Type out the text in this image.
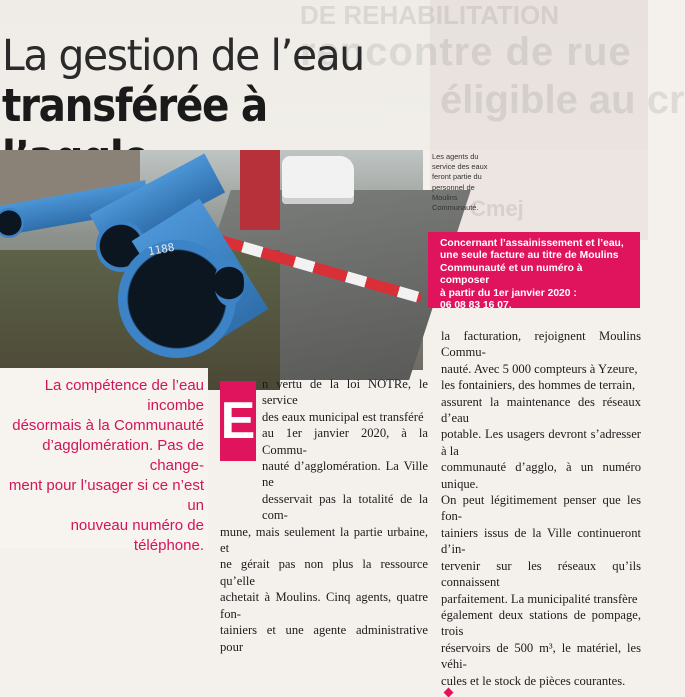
DE REHABILITATION
rencontre de rue
éligible au cr
Cmej
La gestion de l’eau
transférée à
1188
Les agents du
service des eaux
feront partie du
personnel de
Moulins
Communauté.
Concernant l’assainissement et l’eau,
une seule facture au titre de Moulins
Communauté et un numéro à composer
à partir du 1er janvier 2020 :
06 08 83 16 07.
La compétence de l’eau incombe
désormais à la Communauté
d’agglomération. Pas de change-
ment pour l’usager si ce n’est un
nouveau numéro de téléphone.
E
n vertu de la loi NOTRe, le service
des eaux municipal est transféré
au 1er janvier 2020, à la Commu-
nauté d’agglomération. La Ville ne
desservait pas la totalité de la com-
mune, mais seulement la partie urbaine, et
ne gérait pas non plus la ressource qu’elle
achetait à Moulins. Cinq agents, quatre fon-
tainiers et une agente administrative pour
la facturation, rejoignent Moulins Commu-
nauté. Avec 5 000 compteurs à Yzeure,
les fontainiers, des hommes de terrain,
assurent la maintenance des réseaux d’eau
potable. Les usagers devront s’adresser à la
communauté d’agglo, à un numéro unique.
On peut légitimement penser que les fon-
tainiers issus de la Ville continueront d’in-
tervenir sur les réseaux qu’ils connaissent
parfaitement. La municipalité transfère
également deux stations de pompage, trois
réservoirs de 500 m³, le matériel, les véhi-
cules et le stock de pièces courantes.
